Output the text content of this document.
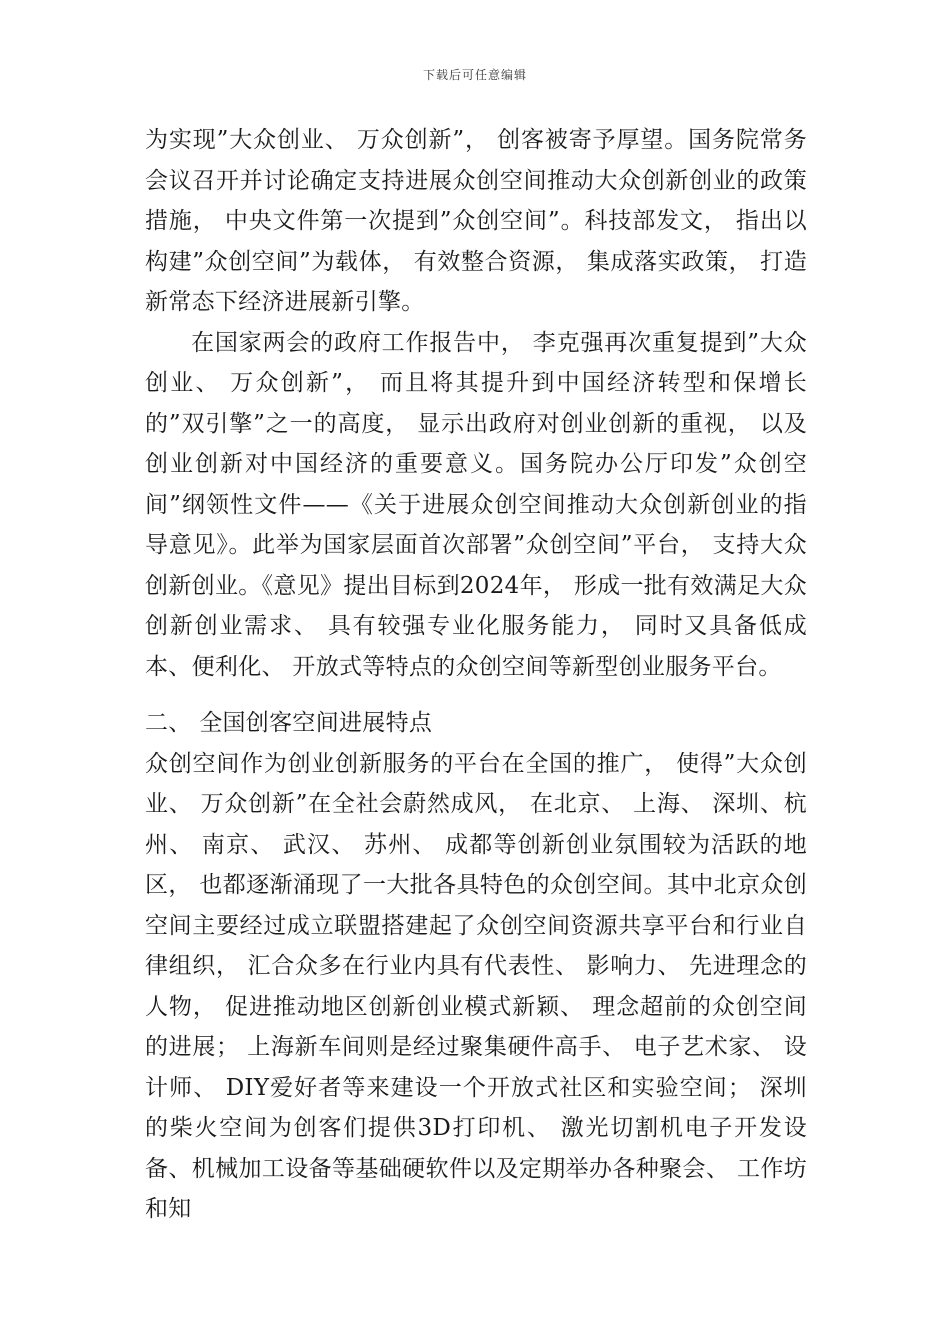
下载后可任意编辑

为实现”大众创业、 万众创新”， 创客被寄予厚望。国务院常务会议召开并讨论确定支持进展众创空间推动大众创新创业的政策措施， 中央文件第一次提到”众创空间”。科技部发文， 指出以构建”众创空间”为载体， 有效整合资源， 集成落实政策， 打造新常态下经济进展新引擎。

在国家两会的政府工作报告中， 李克强再次重复提到”大众创业、 万众创新”， 而且将其提升到中国经济转型和保增长的”双引擎”之一的高度， 显示出政府对创业创新的重视， 以及创业创新对中国经济的重要意义。国务院办公厅印发”众创空间”纲领性文件——《关于进展众创空间推动大众创新创业的指导意见》。此举为国家层面首次部署”众创空间”平台， 支持大众创新创业。《意见》提出目标到2024年， 形成一批有效满足大众创新创业需求、 具有较强专业化服务能力， 同时又具备低成本、便利化、 开放式等特点的众创空间等新型创业服务平台。

二、 全国创客空间进展特点

众创空间作为创业创新服务的平台在全国的推广， 使得”大众创业、 万众创新”在全社会蔚然成风， 在北京、 上海、 深圳、杭州、 南京、 武汉、 苏州、 成都等创新创业氛围较为活跃的地区， 也都逐渐涌现了一大批各具特色的众创空间。其中北京众创空间主要经过成立联盟搭建起了众创空间资源共享平台和行业自律组织， 汇合众多在行业内具有代表性、 影响力、 先进理念的人物， 促进推动地区创新创业模式新颖、 理念超前的众创空间的进展； 上海新车间则是经过聚集硬件高手、 电子艺术家、 设计师、 DIY爱好者等来建设一个开放式社区和实验空间； 深圳的柴火空间为创客们提供3D打印机、 激光切割机电子开发设备、机械加工设备等基础硬软件以及定期举办各种聚会、 工作坊和知
